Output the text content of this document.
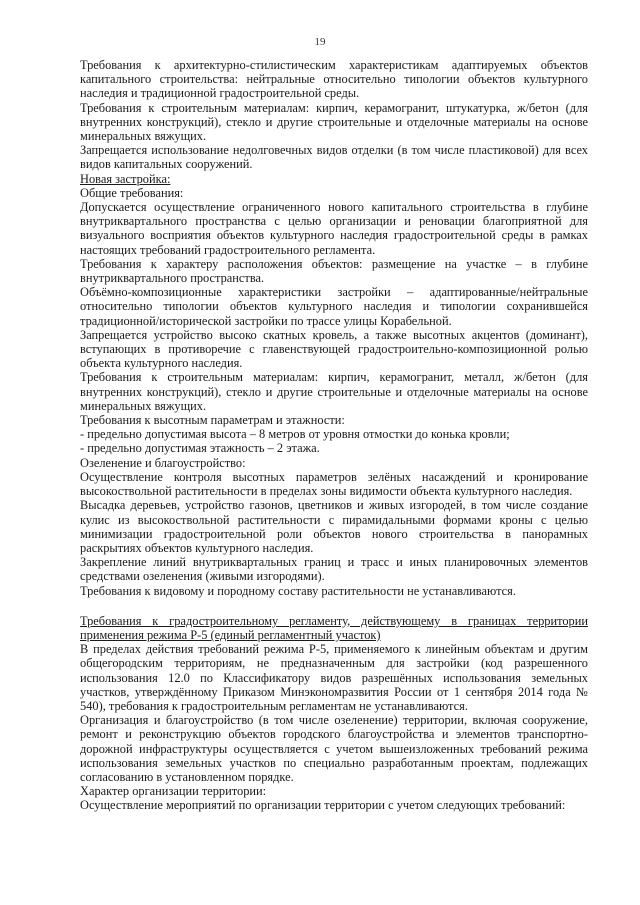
19

Требования к архитектурно-стилистическим характеристикам адаптируемых объектов капитального строительства: нейтральные относительно типологии объектов культурного наследия и традиционной градостроительной среды.

Требования к строительным материалам: кирпич, керамогранит, штукатурка, ж/бетон (для внутренних конструкций), стекло и другие строительные и отделочные материалы на основе минеральных вяжущих.

Запрещается использование недолговечных видов отделки (в том числе пластиковой) для всех видов капитальных сооружений.

Новая застройка:

Общие требования:

Допускается осуществление ограниченного нового капитального строительства в глубине внутриквартального пространства с целью организации и реновации благоприятной для визуального восприятия объектов культурного наследия градостроительной среды в рамках настоящих требований градостроительного регламента.

Требования к характеру расположения объектов: размещение на участке – в глубине внутриквартального пространства.

Объёмно-композиционные характеристики застройки – адаптированные/нейтральные относительно типологии объектов культурного наследия и типологии сохранившейся традиционной/исторической застройки по трассе улицы Корабельной.

Запрещается устройство высоко скатных кровель, а также высотных акцентов (доминант), вступающих в противоречие с главенствующей градостроительно-композиционной ролью объекта культурного наследия.

Требования к строительным материалам: кирпич, керамогранит, металл, ж/бетон (для внутренних конструкций), стекло и другие строительные и отделочные материалы на основе минеральных вяжущих.

Требования к высотным параметрам и этажности:

- предельно допустимая высота – 8 метров от уровня отмостки до конька кровли;

- предельно допустимая этажность – 2 этажа.

Озеленение и благоустройство:

Осуществление контроля высотных параметров зелёных насаждений и кронирование высокоствольной растительности в пределах зоны видимости объекта культурного наследия.

Высадка деревьев, устройство газонов, цветников и живых изгородей, в том числе создание кулис из высокоствольной растительности с пирамидальными формами кроны с целью минимизации градостроительной роли объектов нового строительства в панорамных раскрытиях объектов культурного наследия.

Закрепление линий внутриквартальных границ и трасс и иных планировочных элементов средствами озеленения (живыми изгородями).

Требования к видовому и породному составу растительности не устанавливаются.

Требования к градостроительному регламенту, действующему в границах территории применения режима Р-5 (единый регламентный участок)

В пределах действия требований режима Р-5, применяемого к линейным объектам и другим общегородским территориям, не предназначенным для застройки (код разрешенного использования 12.0 по Классификатору видов разрешённых использования земельных участков, утверждённому Приказом Минэкономразвития России от 1 сентября 2014 года № 540), требования к градостроительным регламентам не устанавливаются.

Организация и благоустройство (в том числе озеленение) территории, включая сооружение, ремонт и реконструкцию объектов городского благоустройства и элементов транспортно-дорожной инфраструктуры осуществляется с учетом вышеизложенных требований режима использования земельных участков по специально разработанным проектам, подлежащих согласованию в установленном порядке.

Характер организации территории:

Осуществление мероприятий по организации территории с учетом следующих требований:
